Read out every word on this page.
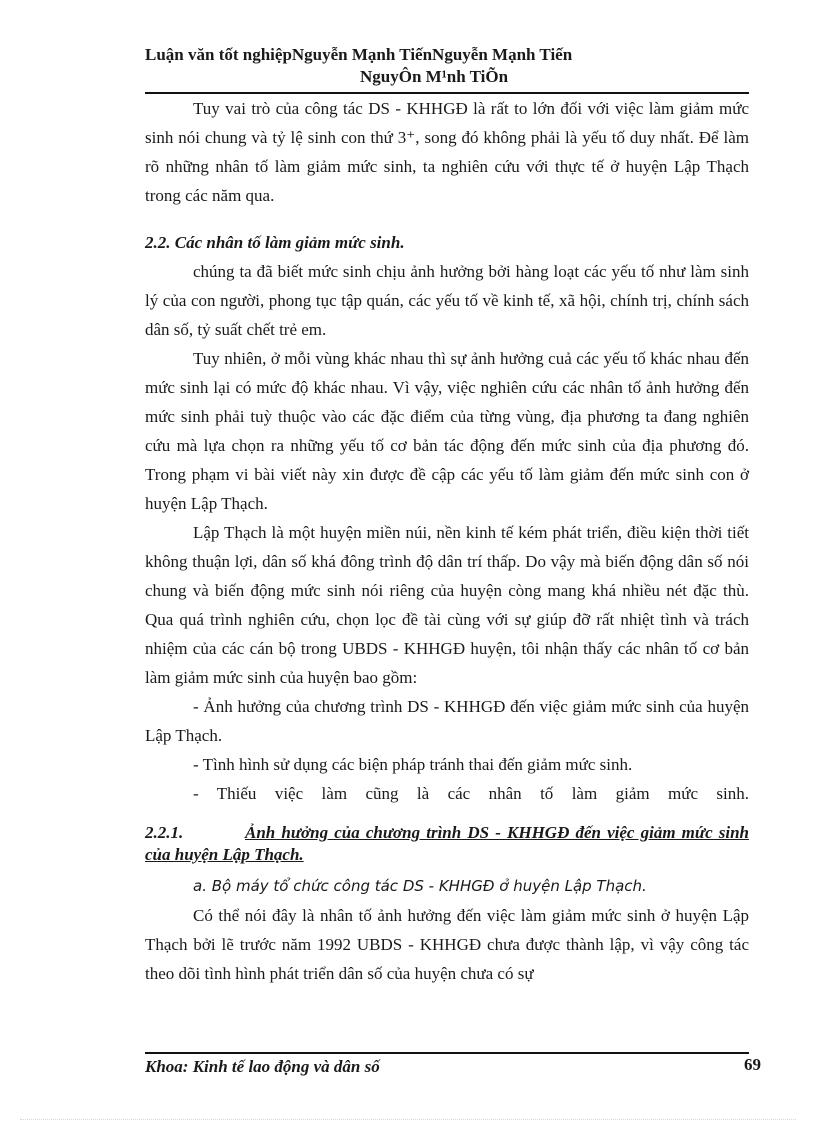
Luận văn tốt nghiệpNguyễn Mạnh TiếnNguyễn Mạnh Tiến
NguyÔn M¹nh TiÕn

Tuy vai trò của công tác DS - KHHGĐ là rất to lớn đối với việc làm giảm mức sinh nói chung và tỷ lệ sinh con thứ 3⁺, song đó không phải là yếu tố duy nhất. Để làm rõ những nhân tố làm giảm mức sinh, ta nghiên cứu với thực tế ở huyện Lập Thạch trong các năm qua.

2.2. Các nhân tố làm giảm mức sinh.

chúng ta đã biết mức sinh chịu ảnh hưởng bởi hàng loạt các yếu tố như làm sinh lý của con người, phong tục tập quán, các yếu tố về kinh tế, xã hội, chính trị, chính sách dân số, tỷ suất chết trẻ em.

Tuy nhiên, ở mỗi vùng khác nhau thì sự ảnh hưởng cuả các yếu tố khác nhau đến mức sinh lại có mức độ khác nhau. Vì vậy, việc nghiên cứu các nhân tố ảnh hưởng đến mức sinh phải tuỳ thuộc vào các đặc điểm của từng vùng, địa phương ta đang nghiên cứu mà lựa chọn ra những yếu tố cơ bản tác động đến mức sinh của địa phương đó. Trong phạm vi bài viết này xin được đề cập các yếu tố làm giảm đến mức sinh con ở huyện Lập Thạch.

Lập Thạch là một huyện miền núi, nền kinh tế kém phát triển, điều kiện thời tiết không thuận lợi, dân số khá đông trình độ dân trí thấp. Do vậy mà biến động dân số nói chung và biến động mức sinh nói riêng của huyện còng mang khá nhiều nét đặc thù. Qua quá trình nghiên cứu, chọn lọc đề tài cùng với sự giúp đỡ rất nhiệt tình và trách nhiệm của các cán bộ trong UBDS - KHHGĐ huyện, tôi nhận thấy các nhân tố cơ bản làm giảm mức sinh của huyện bao gồm:

- Ảnh hưởng của chương trình DS - KHHGĐ đến việc giảm mức sinh của huyện Lập Thạch.

- Tình hình sử dụng các biện pháp tránh thai đến giảm mức sinh.

- Thiếu việc làm cũng là các nhân tố làm giảm mức sinh.

2.2.1.	Ảnh hưởng của chương trình DS - KHHGĐ đến việc giảm mức sinh của huyện Lập Thạch.

a. Bộ máy tổ chức công tác DS - KHHGĐ ở huyện Lập Thạch.

Có thể nói đây là nhân tố ảnh hưởng đến việc làm giảm mức sinh ở huyện Lập Thạch bởi lẽ trước năm 1992 UBDS - KHHGĐ chưa được thành lập, vì vậy công tác theo dõi tình hình phát triển dân số của huyện chưa có sự

Khoa: Kinh tế lao động và dân số	69
